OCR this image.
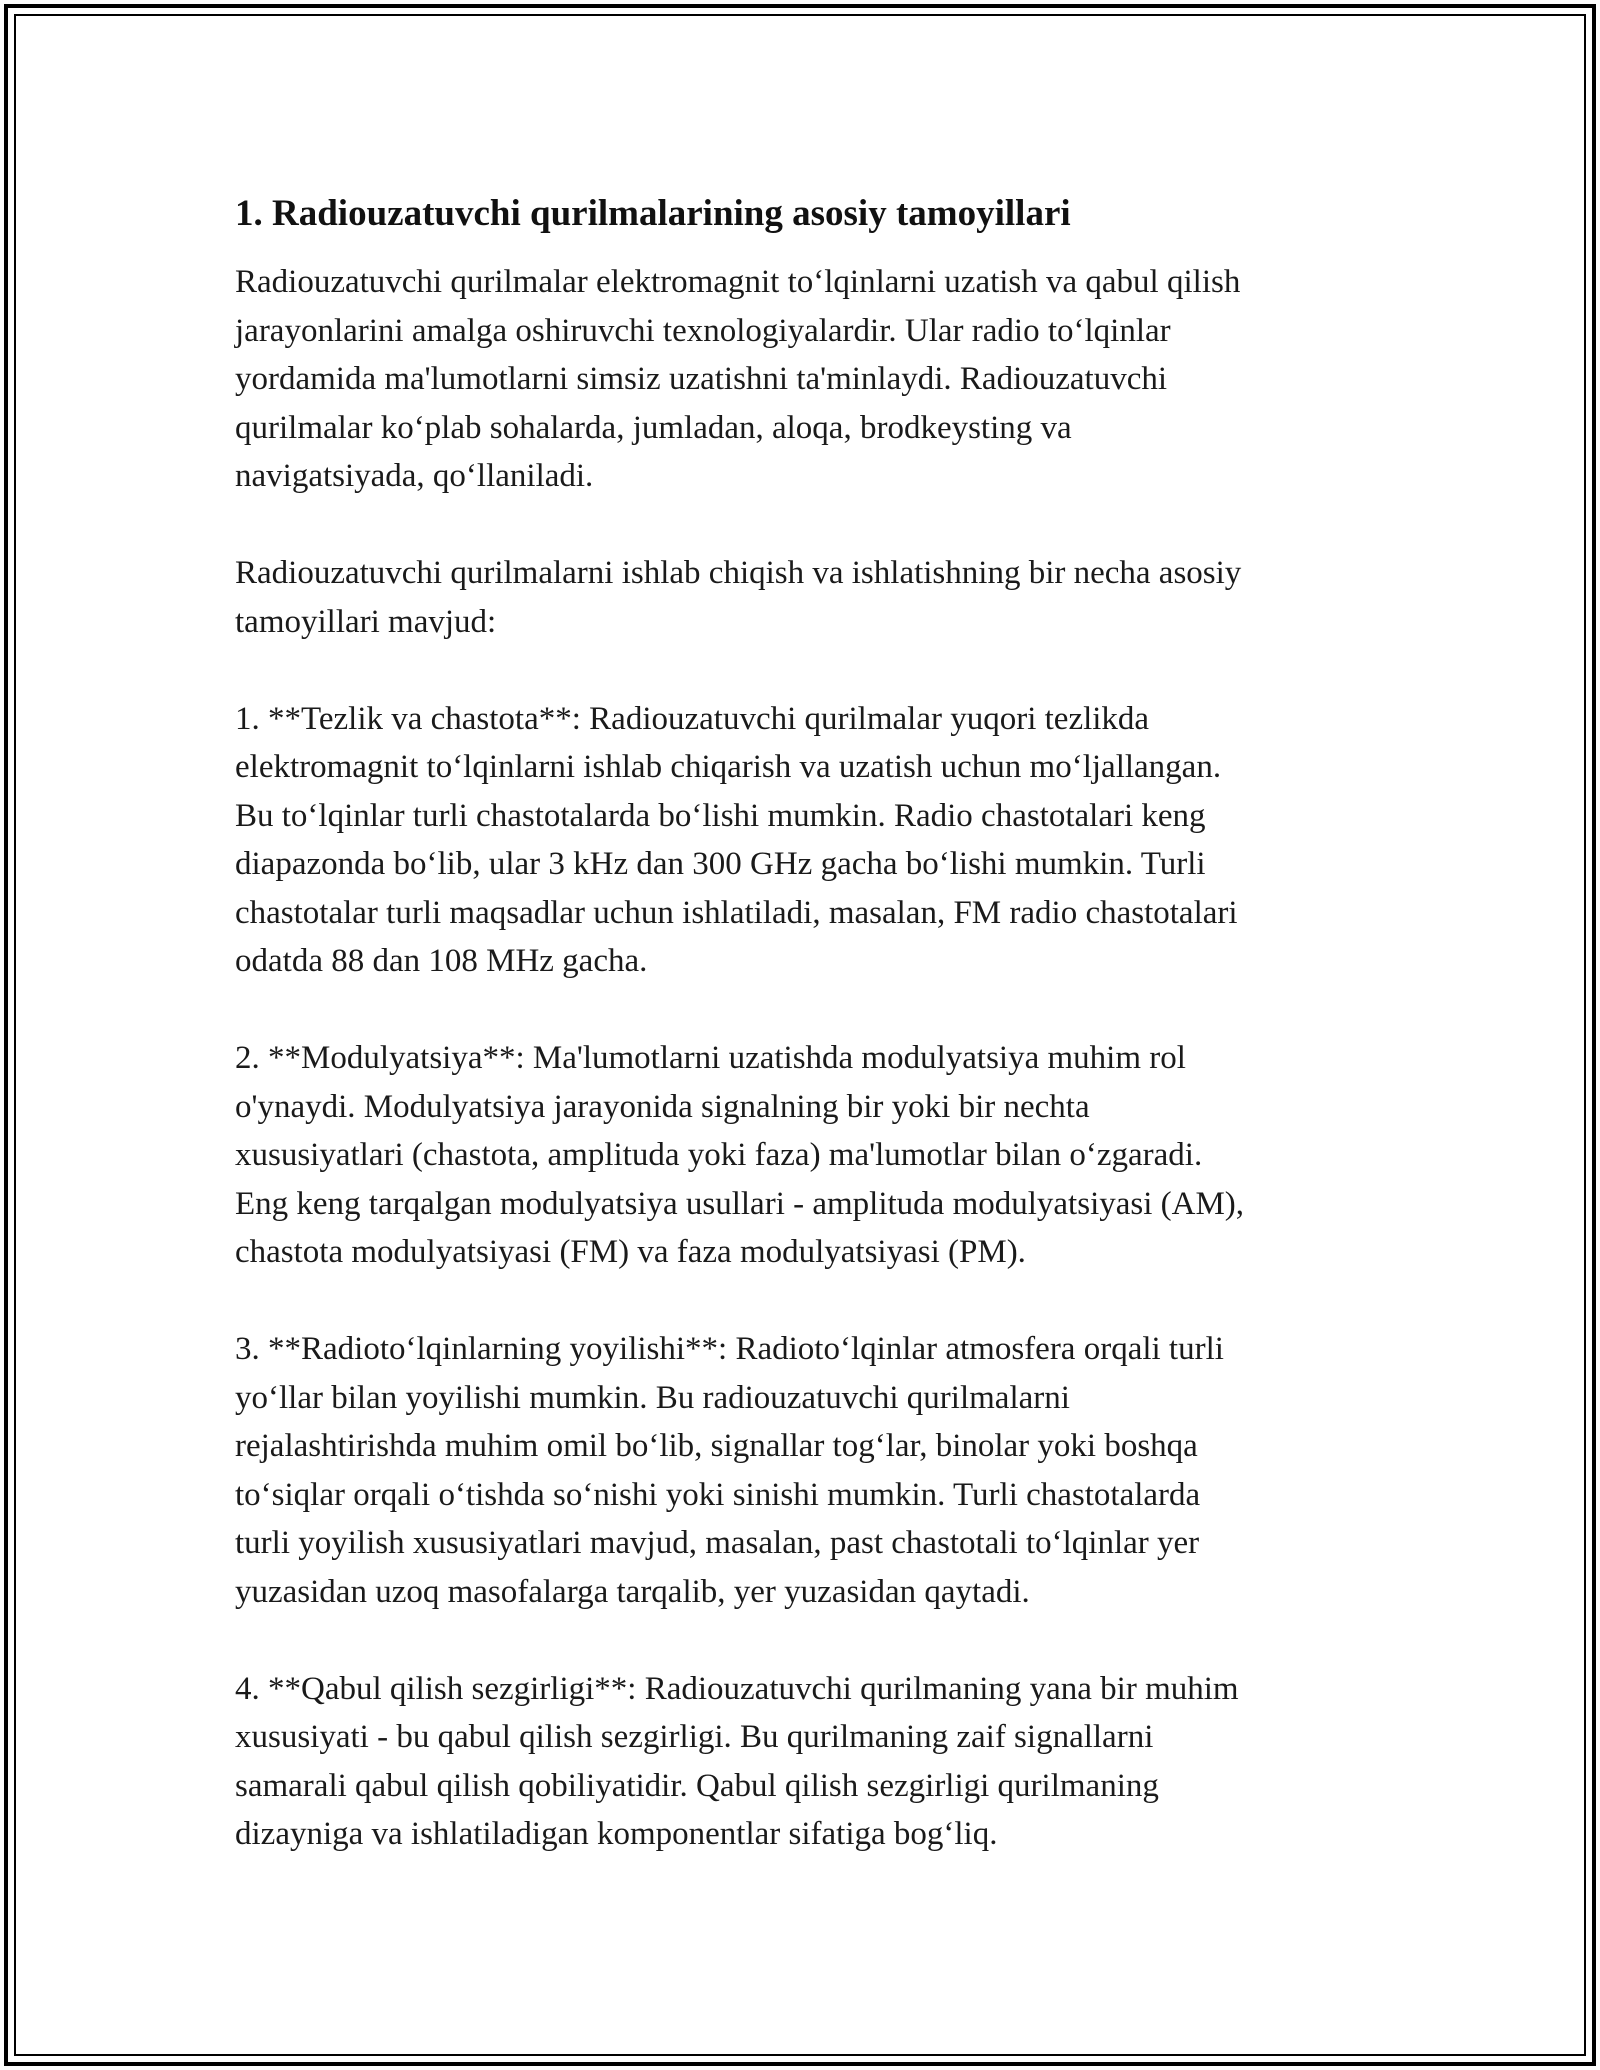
1. Radiouzatuvchi qurilmalarining asosiy tamoyillari

Radiouzatuvchi qurilmalar elektromagnit to‘lqinlarni uzatish va qabul qilish
jarayonlarini amalga oshiruvchi texnologiyalardir. Ular radio to‘lqinlar
yordamida ma'lumotlarni simsiz uzatishni ta'minlaydi. Radiouzatuvchi
qurilmalar ko‘plab sohalarda, jumladan, aloqa, brodkeysting va
navigatsiyada, qo‘llaniladi.

Radiouzatuvchi qurilmalarni ishlab chiqish va ishlatishning bir necha asosiy
tamoyillari mavjud:

1. **Tezlik va chastota**: Radiouzatuvchi qurilmalar yuqori tezlikda
elektromagnit to‘lqinlarni ishlab chiqarish va uzatish uchun mo‘ljallangan.
Bu to‘lqinlar turli chastotalarda bo‘lishi mumkin. Radio chastotalari keng
diapazonda bo‘lib, ular 3 kHz dan 300 GHz gacha bo‘lishi mumkin. Turli
chastotalar turli maqsadlar uchun ishlatiladi, masalan, FM radio chastotalari
odatda 88 dan 108 MHz gacha.

2. **Modulyatsiya**: Ma'lumotlarni uzatishda modulyatsiya muhim rol
o'ynaydi. Modulyatsiya jarayonida signalning bir yoki bir nechta
xususiyatlari (chastota, amplituda yoki faza) ma'lumotlar bilan o‘zgaradi.
Eng keng tarqalgan modulyatsiya usullari - amplituda modulyatsiyasi (AM),
chastota modulyatsiyasi (FM) va faza modulyatsiyasi (PM).

3. **Radioto‘lqinlarning yoyilishi**: Radioto‘lqinlar atmosfera orqali turli
yo‘llar bilan yoyilishi mumkin. Bu radiouzatuvchi qurilmalarni
rejalashtirishda muhim omil bo‘lib, signallar tog‘lar, binolar yoki boshqa
to‘siqlar orqali o‘tishda so‘nishi yoki sinishi mumkin. Turli chastotalarda
turli yoyilish xususiyatlari mavjud, masalan, past chastotali to‘lqinlar yer
yuzasidan uzoq masofalarga tarqalib, yer yuzasidan qaytadi.

4. **Qabul qilish sezgirligi**: Radiouzatuvchi qurilmaning yana bir muhim
xususiyati - bu qabul qilish sezgirligi. Bu qurilmaning zaif signallarni
samarali qabul qilish qobiliyatidir. Qabul qilish sezgirligi qurilmaning
dizayniga va ishlatiladigan komponentlar sifatiga bog‘liq.
